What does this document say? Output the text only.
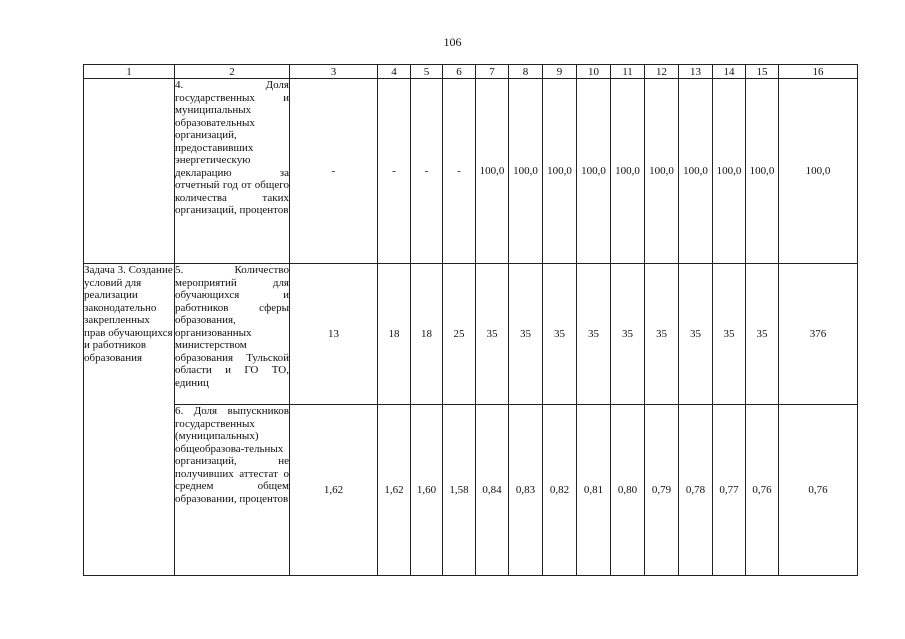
106
1	2	3	4	5	6	7	8	9	10	11	12	13	14	15	16
	4. Доля государственных и муниципальных образовательных организаций, предоставивших энергетическую декларацию за отчетный год от общего количества таких организаций, процентов	-	-	-	-	100,0	100,0	100,0	100,0	100,0	100,0	100,0	100,0	100,0	100,0
Задача 3. Создание условий для реализации законодательно закрепленных прав обучающихся и работников образования	5. Количество мероприятий для обучающихся и работников сферы образования, организованных министерством образования Тульской области и ГО ТО, единиц	13	18	18	25	35	35	35	35	35	35	35	35	35	376
	6. Доля выпускников государственных (муниципальных) общеобразова-тельных организаций, не получивших аттестат о среднем общем образовании, процентов	1,62	1,62	1,60	1,58	0,84	0,83	0,82	0,81	0,80	0,79	0,78	0,77	0,76	0,76
